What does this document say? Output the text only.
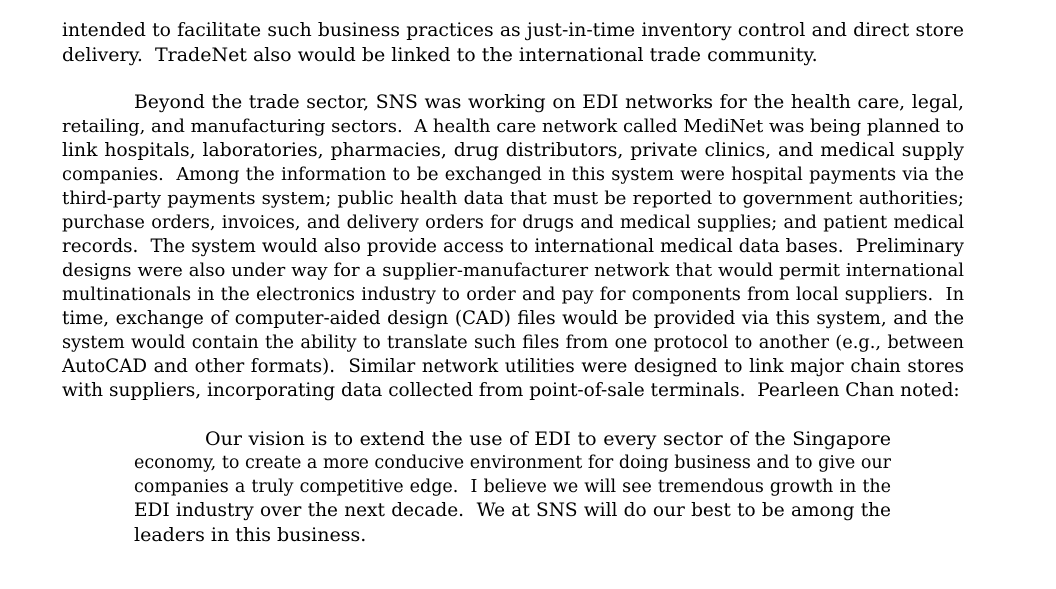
intended to facilitate such business practices as just-in-time inventory control and direct store
delivery.  TradeNet also would be linked to the international trade community.
Beyond the trade sector, SNS was working on EDI networks for the health care, legal,
retailing, and manufacturing sectors.  A health care network called MediNet was being planned to
link hospitals, laboratories, pharmacies, drug distributors, private clinics, and medical supply
companies.  Among the information to be exchanged in this system were hospital payments via the
third-party payments system; public health data that must be reported to government authorities;
purchase orders, invoices, and delivery orders for drugs and medical supplies; and patient medical
records.  The system would also provide access to international medical data bases.  Preliminary
designs were also under way for a supplier-manufacturer network that would permit international
multinationals in the electronics industry to order and pay for components from local suppliers.  In
time, exchange of computer-aided design (CAD) files would be provided via this system, and the
system would contain the ability to translate such files from one protocol to another (e.g., between
AutoCAD and other formats).  Similar network utilities were designed to link major chain stores
with suppliers, incorporating data collected from point-of-sale terminals.  Pearleen Chan noted:
Our vision is to extend the use of EDI to every sector of the Singapore
economy, to create a more conducive environment for doing business and to give our
companies a truly competitive edge.  I believe we will see tremendous growth in the
EDI industry over the next decade.  We at SNS will do our best to be among the
leaders in this business.
